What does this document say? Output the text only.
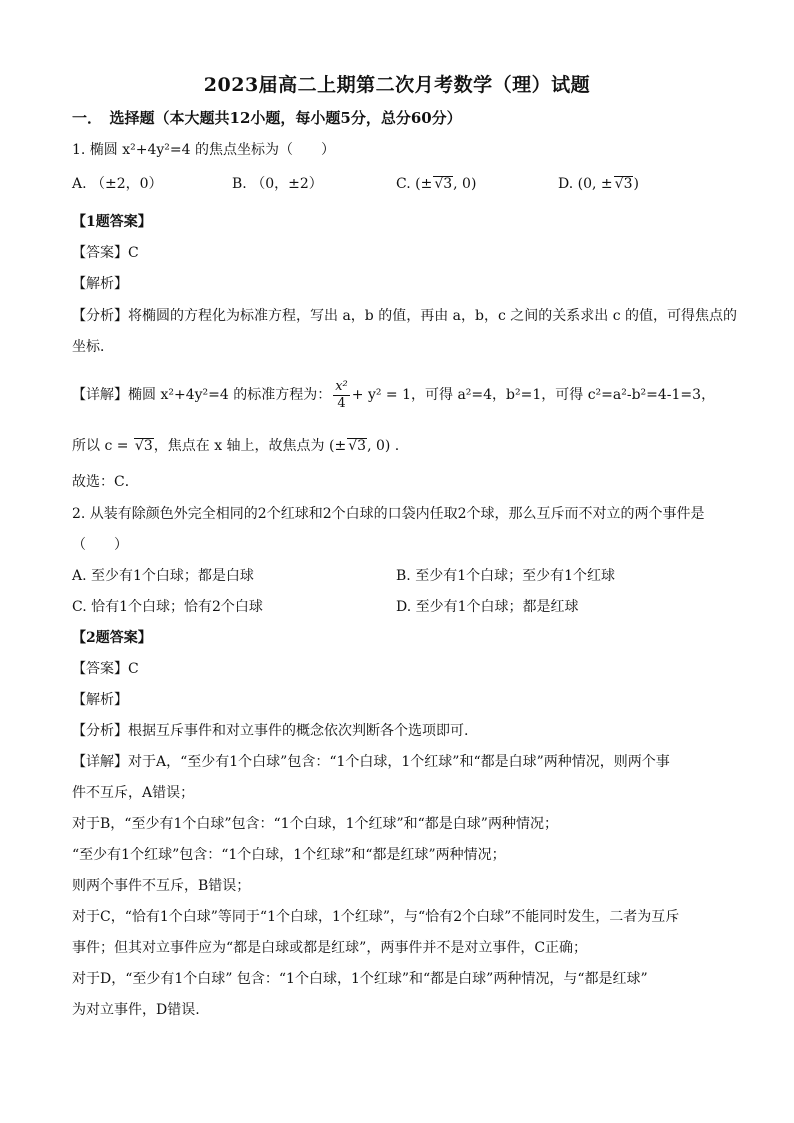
2023届高二上期第二次月考数学（理）试题
一．　选择题（本大题共12小题，每小题5分，总分60分）
1. 椭圆 x²+4y²=4 的焦点坐标为（　　）
A. （±2，0）	B. （0，±2）	C. (± √3, 0)	D. (0, ± √3)
【1题答案】
【答案】C
【解析】
【分析】将椭圆的方程化为标准方程，写出 a，b 的值，再由 a，b，c 之间的关系求出 c 的值，可得焦点的
坐标．
【详解】椭圆 x²+4y²=4 的标准方程为： $\frac{\text{x²}}{4} + y^2 = 1$，可得 a²=4，b²=1，可得 c²=a²-b²=4-1=3，
所以 c = √3，焦点在 x 轴上，故焦点为 (± √3, 0) .
故选：C．
2. 从装有除颜色外完全相同的2个红球和2个白球的口袋内任取2个球，那么互斥而不对立的两个事件是
（　　）
A. 至少有1个白球；都是白球	B. 至少有1个白球；至少有1个红球
C. 恰有1个白球；恰有2个白球	D. 至少有1个白球；都是红球
【2题答案】
【答案】C
【解析】
【分析】根据互斥事件和对立事件的概念依次判断各个选项即可.
【详解】对于A，“至少有1个白球”包含：“1个白球，1个红球”和“都是白球”两种情况，则两个事
件不互斥，A错误；
对于B，“至少有1个白球”包含：“1个白球，1个红球”和“都是白球”两种情况；
“至少有1个红球”包含：“1个白球，1个红球”和“都是红球”两种情况；
则两个事件不互斥，B错误；
对于C，“恰有1个白球”等同于“1个白球，1个红球”，与“恰有2个白球”不能同时发生，二者为互斥
事件；但其对立事件应为“都是白球或都是红球”，两事件并不是对立事件，C正确；
对于D，“至少有1个白球” 包含：“1个白球，1个红球”和“都是白球”两种情况，与“都是红球”
为对立事件，D错误.
